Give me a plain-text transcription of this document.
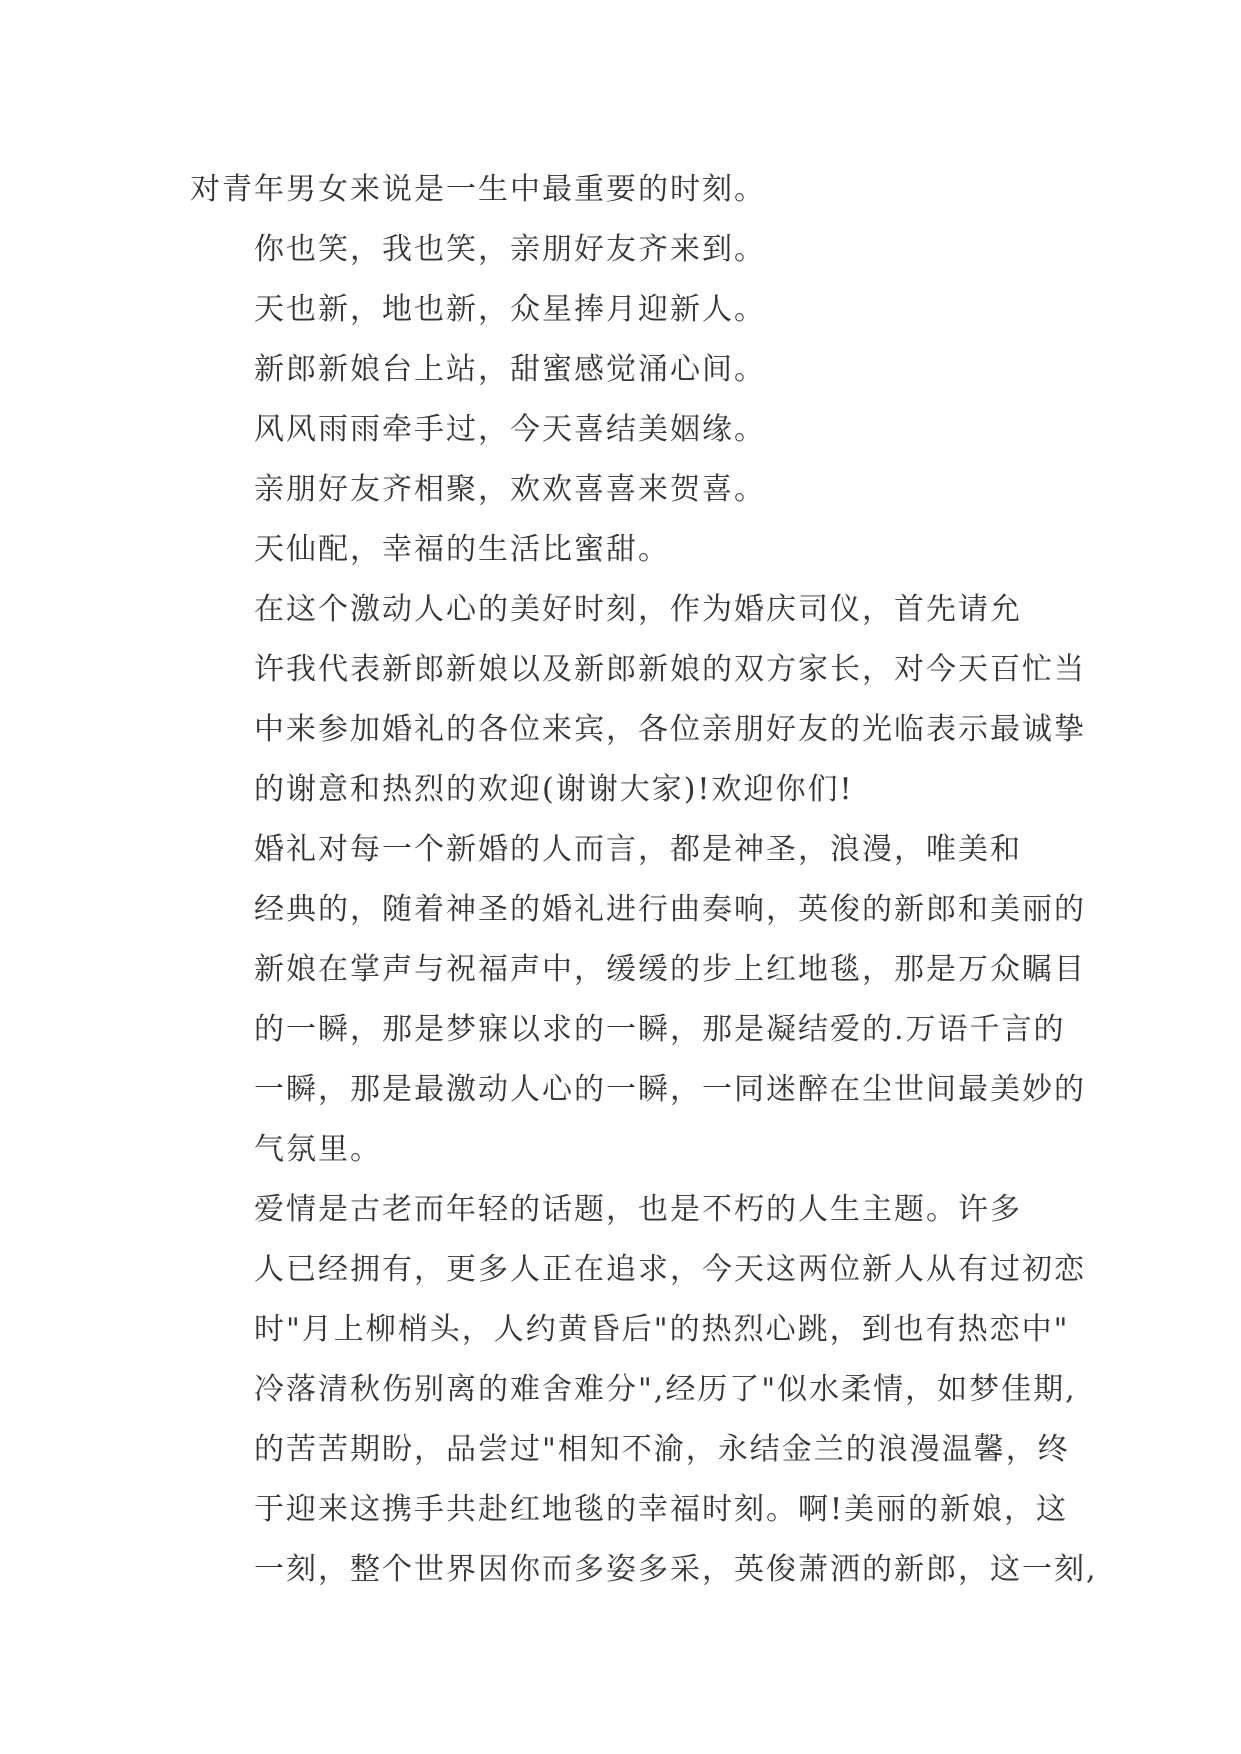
对青年男女来说是一生中最重要的时刻。

你也笑，我也笑，亲朋好友齐来到。

天也新，地也新，众星捧月迎新人。

新郎新娘台上站，甜蜜感觉涌心间。

风风雨雨牵手过，今天喜结美姻缘。

亲朋好友齐相聚，欢欢喜喜来贺喜。

天仙配，幸福的生活比蜜甜。

在这个激动人心的美好时刻，作为婚庆司仪，首先请允
许我代表新郎新娘以及新郎新娘的双方家长，对今天百忙当
中来参加婚礼的各位来宾，各位亲朋好友的光临表示最诚挚
的谢意和热烈的欢迎(谢谢大家)!欢迎你们!

婚礼对每一个新婚的人而言，都是神圣，浪漫，唯美和
经典的，随着神圣的婚礼进行曲奏响，英俊的新郎和美丽的
新娘在掌声与祝福声中，缓缓的步上红地毯，那是万众瞩目
的一瞬，那是梦寐以求的一瞬，那是凝结爱的.万语千言的
一瞬，那是最激动人心的一瞬，一同迷醉在尘世间最美妙的
气氛里。

爱情是古老而年轻的话题，也是不朽的人生主题。许多
人已经拥有，更多人正在追求，今天这两位新人从有过初恋
时"月上柳梢头，人约黄昏后"的热烈心跳，到也有热恋中"
冷落清秋伤别离的难舍难分",经历了"似水柔情，如梦佳期,
的苦苦期盼，品尝过"相知不渝，永结金兰的浪漫温馨，终
于迎来这携手共赴红地毯的幸福时刻。啊!美丽的新娘，这
一刻，整个世界因你而多姿多采，英俊萧洒的新郎，这一刻,
